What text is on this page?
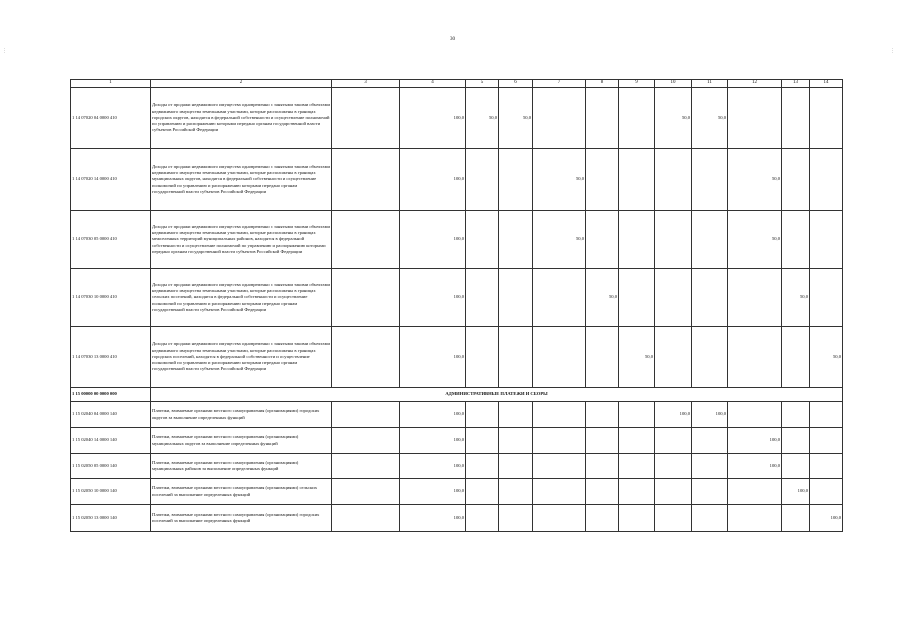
30
⋮	⋮
1	2	3	4	5	6	7	8	9	10	11	12	13	14
1 14 07020 04 0000 410	Доходы от продажи недвижимого имущества одновременно с занятыми такими объектами недвижимого имущества земельными участками, которые расположены в границах городских округов, находятся в федеральной собственности и осуществление полномочий по управлению и распоряжению которыми передано органам государственной власти субъектов Российской Федерации		100,0	50,0	50,0				50,0	50,0			
1 14 07020 14 0000 410	Доходы от продажи недвижимого имущества одновременно с занятыми такими объектами недвижимого имущества земельными участками, которые расположены в границах муниципальных округов, находятся в федеральной собственности и осуществление полномочий по управлению и распоряжению которыми передано органам государственной власти субъектов Российской Федерации		100,0			50,0					50,0		
1 14 07030 05 0000 410	Доходы от продажи недвижимого имущества одновременно с занятыми такими объектами недвижимого имущества земельными участками, которые расположены в границах межселенных территорий муниципальных районов, находятся в федеральной собственности и осуществление полномочий по управлению и распоряжению которыми передано органам государственной власти субъектов Российской Федерации		100,0			50,0					50,0		
1 14 07030 10 0000 410	Доходы от продажи недвижимого имущества одновременно с занятыми такими объектами недвижимого имущества земельными участками, которые расположены в границах сельских поселений, находятся в федеральной собственности и осуществление полномочий по управлению и распоряжению которыми передано органам государственной власти субъектов Российской Федерации		100,0				50,0					50,0	
1 14 07030 13 0000 410	Доходы от продажи недвижимого имущества одновременно с занятыми такими объектами недвижимого имущества земельными участками, которые расположены в границах городских поселений, находятся в федеральной собственности и осуществление полномочий по управлению и распоряжению которыми передано органам государственной власти субъектов Российской Федерации		100,0					50,0					50,0
1 15 00000 00 0000 000	АДМИНИСТРАТИВНЫЕ ПЛАТЕЖИ И СБОРЫ												
1 15 02040 04 0000 140	Платежи, взимаемые органами местного самоуправления (организациями) городских округов за выполнение определенных функций		100,0						100,0	100,0			
1 15 02040 14 0000 140	Платежи, взимаемые органами местного самоуправления (организациями) муниципальных округов за выполнение определенных функций		100,0								100,0		
1 15 02050 05 0000 140	Платежи, взимаемые органами местного самоуправления (организациями) муниципальных районов за выполнение определенных функций		100,0								100,0		
1 15 02050 10 0000 140	Платежи, взимаемые органами местного самоуправления (организациями) сельских поселений за выполнение определенных функций		100,0									100,0	
1 15 02050 13 0000 140	Платежи, взимаемые органами местного самоуправления (организациями) городских поселений за выполнение определенных функций		100,0										100,0
